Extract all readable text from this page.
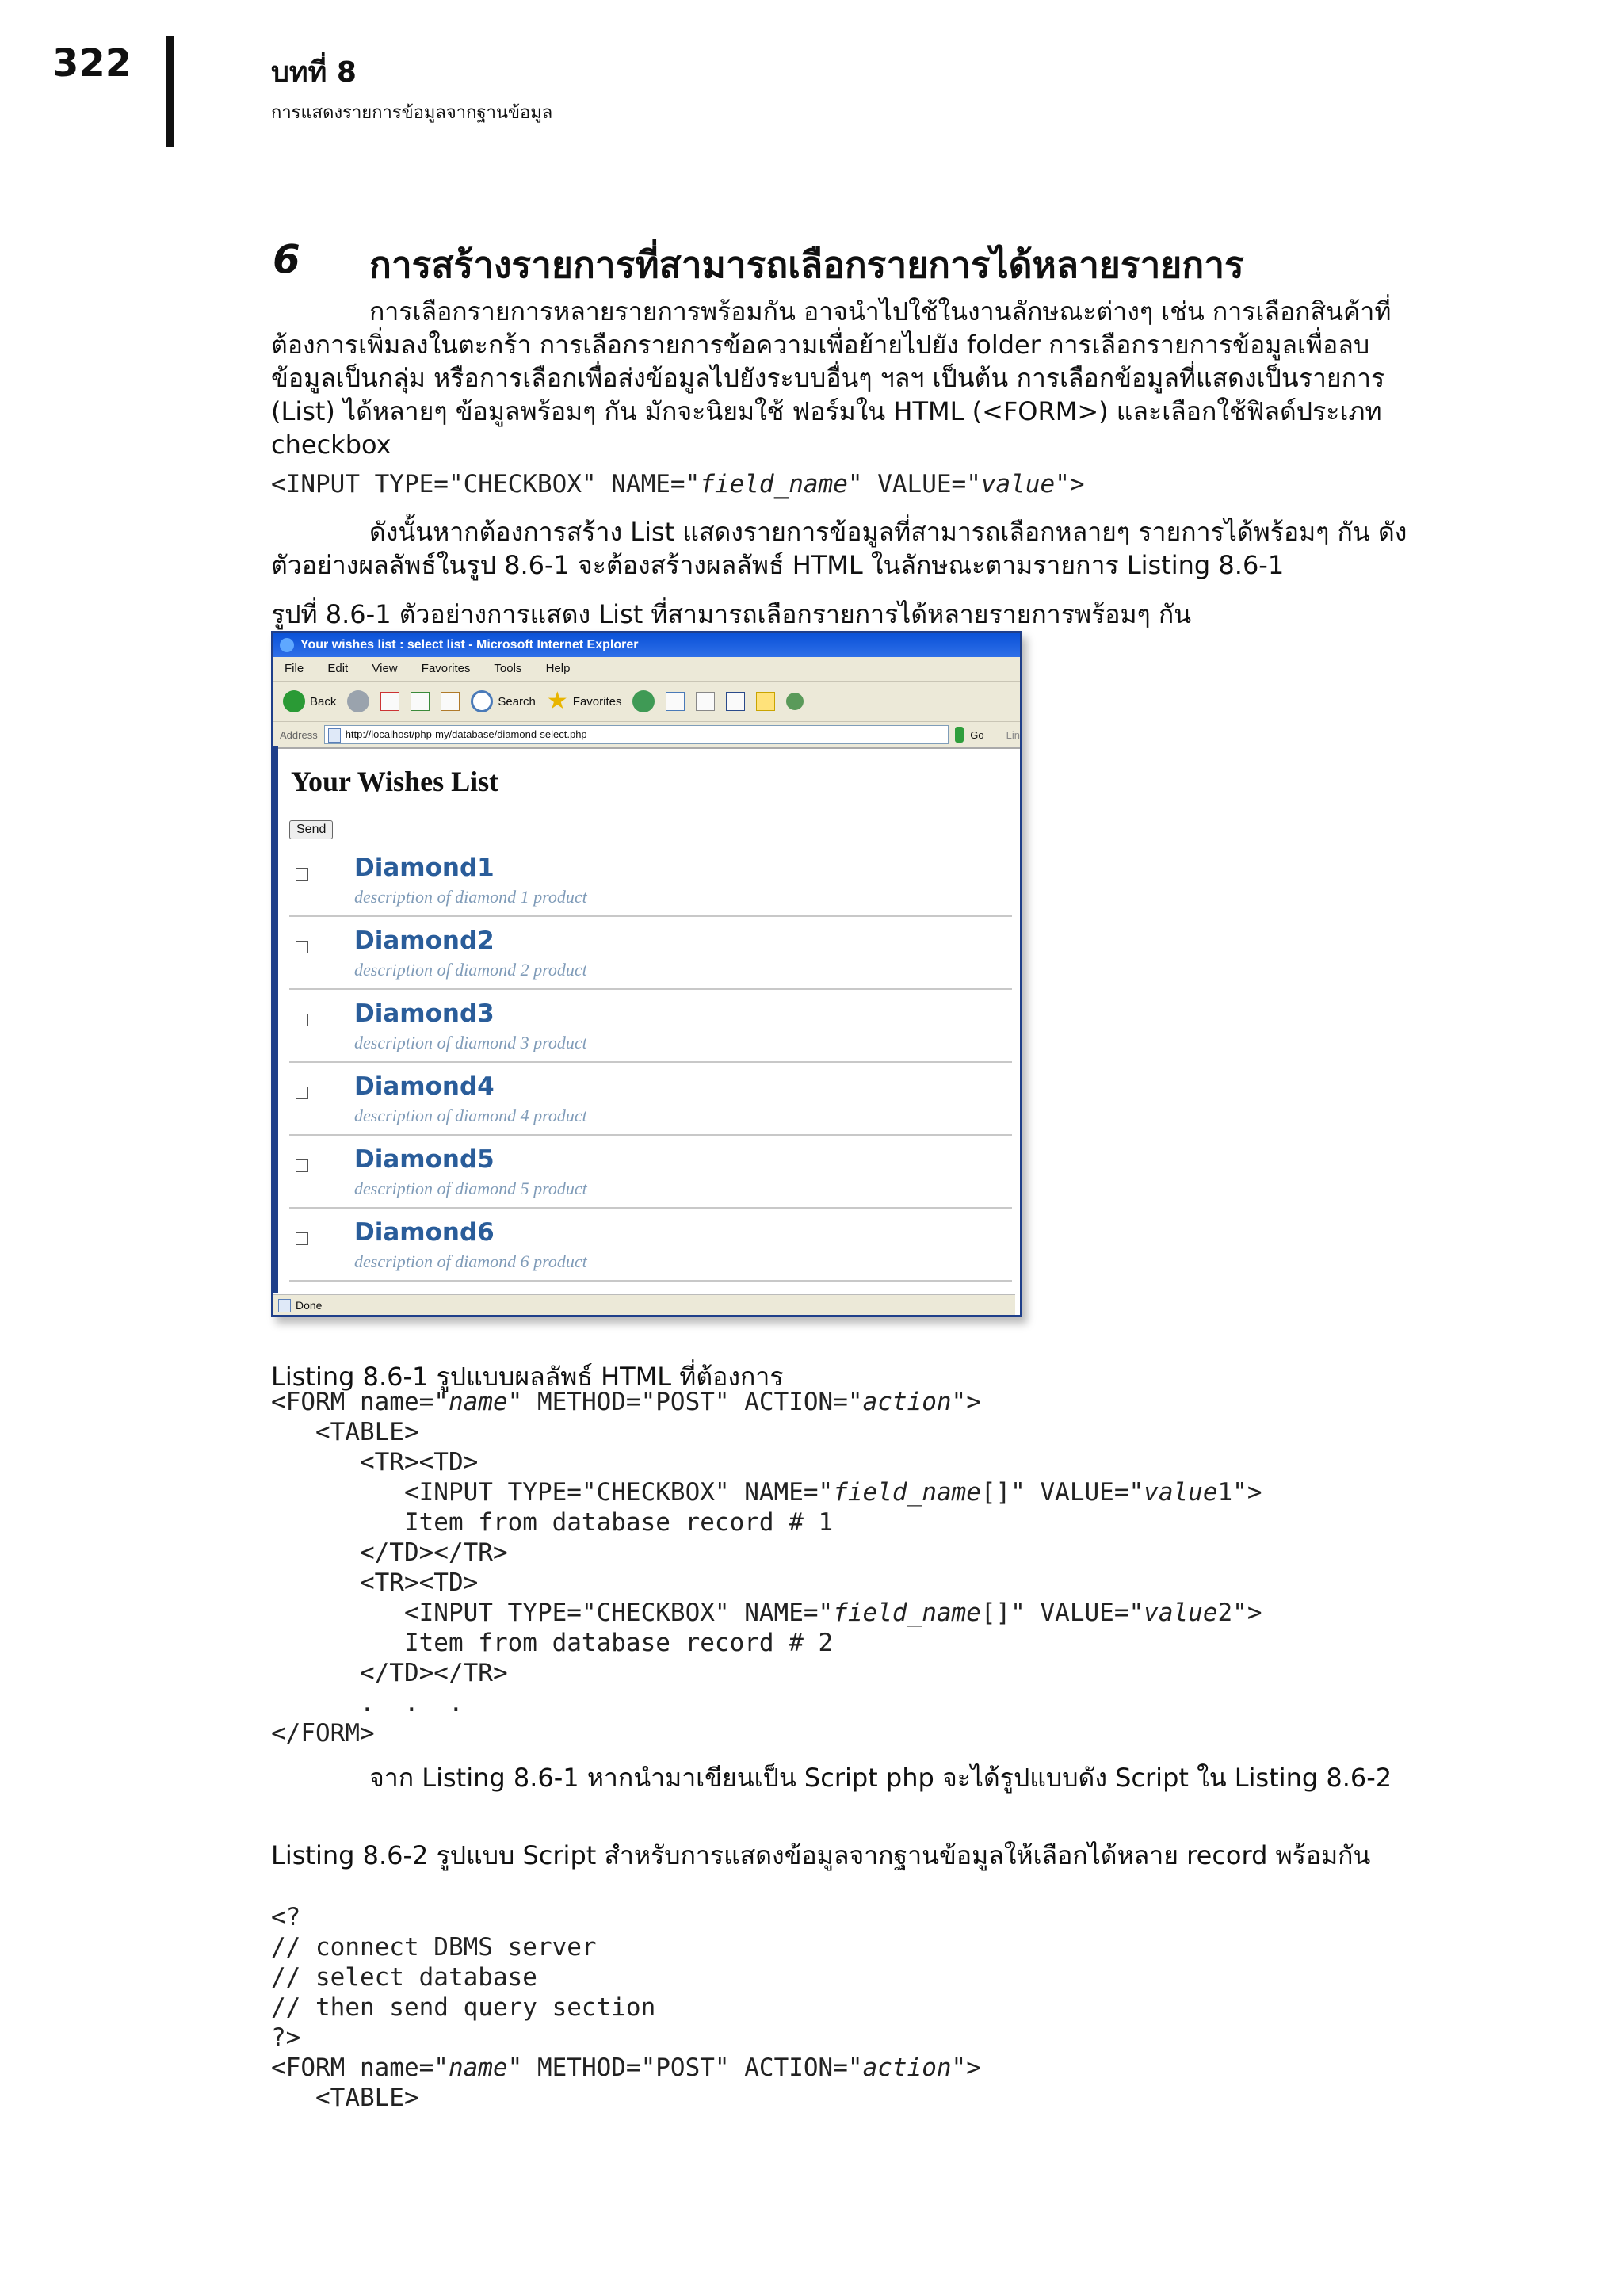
322	บทที่ 8
การแสดงรายการข้อมูลจากฐานข้อมูล
6 การสร้างรายการที่สามารถเลือกรายการได้หลายรายการ
การเลือกรายการหลายรายการพร้อมกัน อาจนำไปใช้ในงานลักษณะต่างๆ เช่น การเลือกสินค้าที่ต้องการเพิ่มลงในตะกร้า การเลือกรายการข้อความเพื่อย้ายไปยัง folder การเลือกรายการข้อมูลเพื่อลบข้อมูลเป็นกลุ่ม หรือการเลือกเพื่อส่งข้อมูลไปยังระบบอื่นๆ ฯลฯ เป็นต้น การเลือกข้อมูลที่แสดงเป็นรายการ (List) ได้หลายๆ ข้อมูลพร้อมๆ กัน มักจะนิยมใช้ ฟอร์มใน HTML (<FORM>) และเลือกใช้ฟิลด์ประเภท checkbox
<INPUT TYPE="CHECKBOX" NAME="field_name" VALUE="value">
ดังนั้นหากต้องการสร้าง List แสดงรายการข้อมูลที่สามารถเลือกหลายๆ รายการได้พร้อมๆ กัน ดังตัวอย่างผลลัพธ์ในรูป 8.6-1 จะต้องสร้างผลลัพธ์ HTML ในลักษณะตามรายการ Listing 8.6-1
รูปที่ 8.6-1 ตัวอย่างการแสดง List ที่สามารถเลือกรายการได้หลายรายการพร้อมๆ กัน
Your wishes list : select list - Microsoft Internet Explorer
File Edit View Favorites Tools Help
Back	Search ★ Favorites
Address	http://localhost/php-my/database/diamond-select.php	Go Lin
Your Wishes List
Send
Diamond1
description of diamond 1 product
Diamond2
description of diamond 2 product
Diamond3
description of diamond 3 product
Diamond4
description of diamond 4 product
Diamond5
description of diamond 5 product
Diamond6
description of diamond 6 product
Done
Listing 8.6-1 รูปแบบผลลัพธ์ HTML ที่ต้องการ
<FORM name="name" METHOD="POST" ACTION="action">
<TABLE>
<TR><TD>
<INPUT TYPE="CHECKBOX" NAME="field_name[]" VALUE="value1">
Item from database record # 1
</TD></TR>
<TR><TD>
<INPUT TYPE="CHECKBOX" NAME="field_name[]" VALUE="value2">
Item from database record # 2
</TD></TR>
.  .  .
</FORM>
จาก Listing 8.6-1 หากนำมาเขียนเป็น Script php จะได้รูปแบบดัง Script ใน Listing 8.6-2
Listing 8.6-2 รูปแบบ Script สำหรับการแสดงข้อมูลจากฐานข้อมูลให้เลือกได้หลาย record พร้อมกัน
<?
// connect DBMS server
// select database
// then send query section
?>
<FORM name="name" METHOD="POST" ACTION="action">
<TABLE>
